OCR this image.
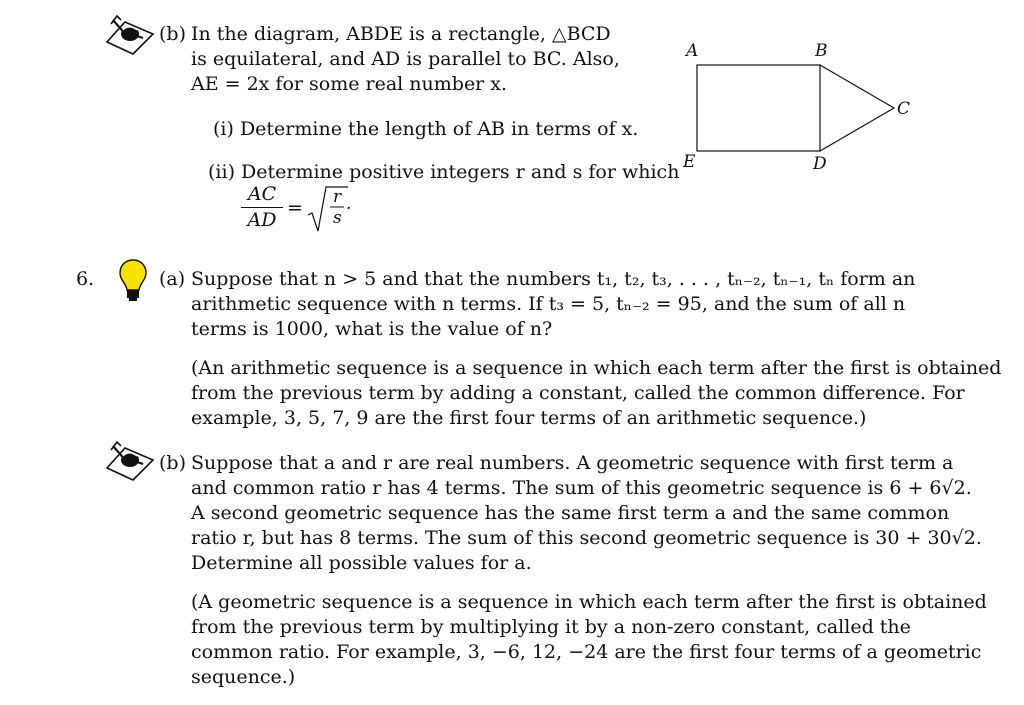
(b) In the diagram, ABDE is a rectangle, △BCD
is equilateral, and AD is parallel to BC. Also,
AE = 2x for some real number x.
(i) Determine the length of AB in terms of x.
(ii) Determine positive integers r and s for which
$\frac{AC}{AD} = r$
s
.
A	B
C
D
E
6.	(a) Suppose that n > 5 and that the numbers t₁, t₂, t₃, . . . , tₙ₋₂, tₙ₋₁, tₙ form an
arithmetic sequence with n terms. If t₃ = 5, tₙ₋₂ = 95, and the sum of all n
terms is 1000, what is the value of n?
(An arithmetic sequence is a sequence in which each term after the first is obtained
from the previous term by adding a constant, called the common difference. For
example, 3, 5, 7, 9 are the first four terms of an arithmetic sequence.)
(b) Suppose that a and r are real numbers. A geometric sequence with first term a
and common ratio r has 4 terms. The sum of this geometric sequence is 6 + 6√2.
A second geometric sequence has the same first term a and the same common
ratio r, but has 8 terms. The sum of this second geometric sequence is 30 + 30√2.
Determine all possible values for a.
(A geometric sequence is a sequence in which each term after the first is obtained
from the previous term by multiplying it by a non-zero constant, called the
common ratio. For example, 3, −6, 12, −24 are the first four terms of a geometric
sequence.)
